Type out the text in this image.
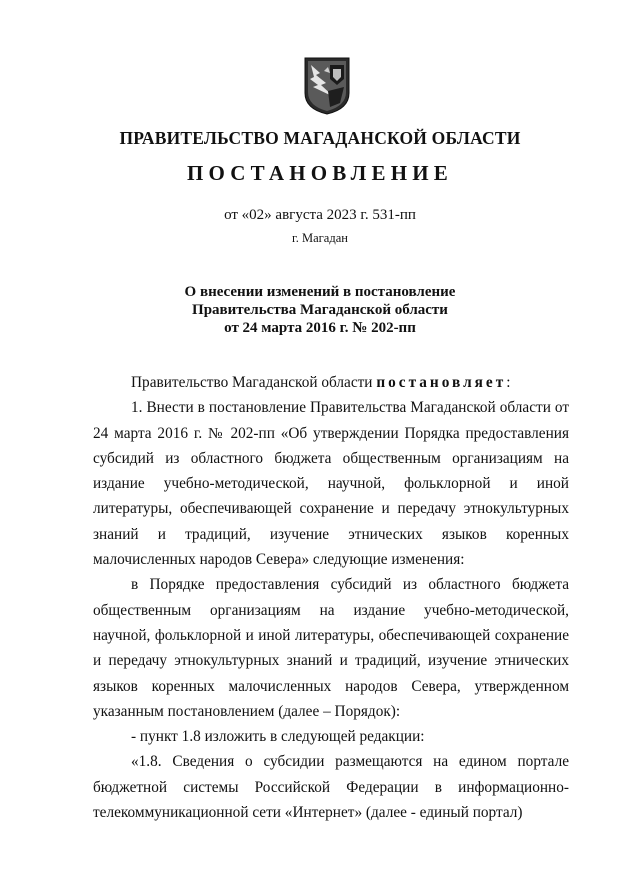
ПРАВИТЕЛЬСТВО МАГАДАНСКОЙ ОБЛАСТИ
ПОСТАНОВЛЕНИЕ
от «02» августа 2023 г. 531-пп
г. Магадан
О внесении изменений в постановление
Правительства Магаданской области
от 24 марта 2016 г. № 202-пп

Правительство Магаданской области постановляет:

1. Внести в постановление Правительства Магаданской области от 24 марта 2016 г. № 202-пп «Об утверждении Порядка предоставления субсидий из областного бюджета общественным организациям на издание учебно-методической, научной, фольклорной и иной литературы, обеспечивающей сохранение и передачу этнокультурных знаний и традиций, изучение этнических языков коренных малочисленных народов Севера» следующие изменения:

в Порядке предоставления субсидий из областного бюджета общественным организациям на издание учебно-методической, научной, фольклорной и иной литературы, обеспечивающей сохранение и передачу этнокультурных знаний и традиций, изучение этнических языков коренных малочисленных народов Севера, утвержденном указанным постановлением (далее – Порядок):

- пункт 1.8 изложить в следующей редакции:

«1.8. Сведения о субсидии размещаются на едином портале бюджетной системы Российской Федерации в информационно-телекоммуникационной сети «Интернет» (далее - единый портал)
